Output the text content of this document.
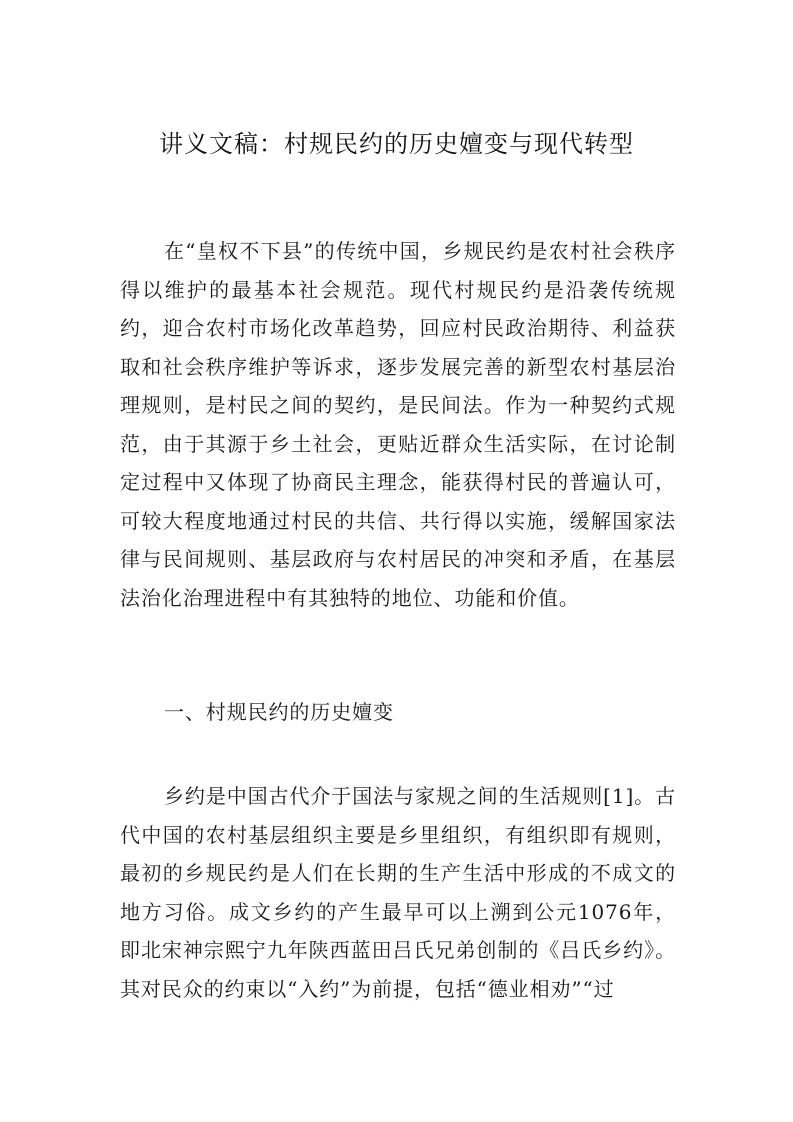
讲义文稿：村规民约的历史嬗变与现代转型

在“皇权不下县”的传统中国，乡规民约是农村社会秩序得以维护的最基本社会规范。现代村规民约是沿袭传统规约，迎合农村市场化改革趋势，回应村民政治期待、利益获取和社会秩序维护等诉求，逐步发展完善的新型农村基层治理规则，是村民之间的契约，是民间法。作为一种契约式规范，由于其源于乡土社会，更贴近群众生活实际，在讨论制定过程中又体现了协商民主理念，能获得村民的普遍认可，可较大程度地通过村民的共信、共行得以实施，缓解国家法律与民间规则、基层政府与农村居民的冲突和矛盾，在基层法治化治理进程中有其独特的地位、功能和价值。

一、村规民约的历史嬗变

乡约是中国古代介于国法与家规之间的生活规则[1]。古代中国的农村基层组织主要是乡里组织，有组织即有规则，最初的乡规民约是人们在长期的生产生活中形成的不成文的地方习俗。成文乡约的产生最早可以上溯到公元1076年，即北宋神宗熙宁九年陕西蓝田吕氏兄弟创制的《吕氏乡约》。其对民众的约束以“入约”为前提，包括“德业相劝”“过
